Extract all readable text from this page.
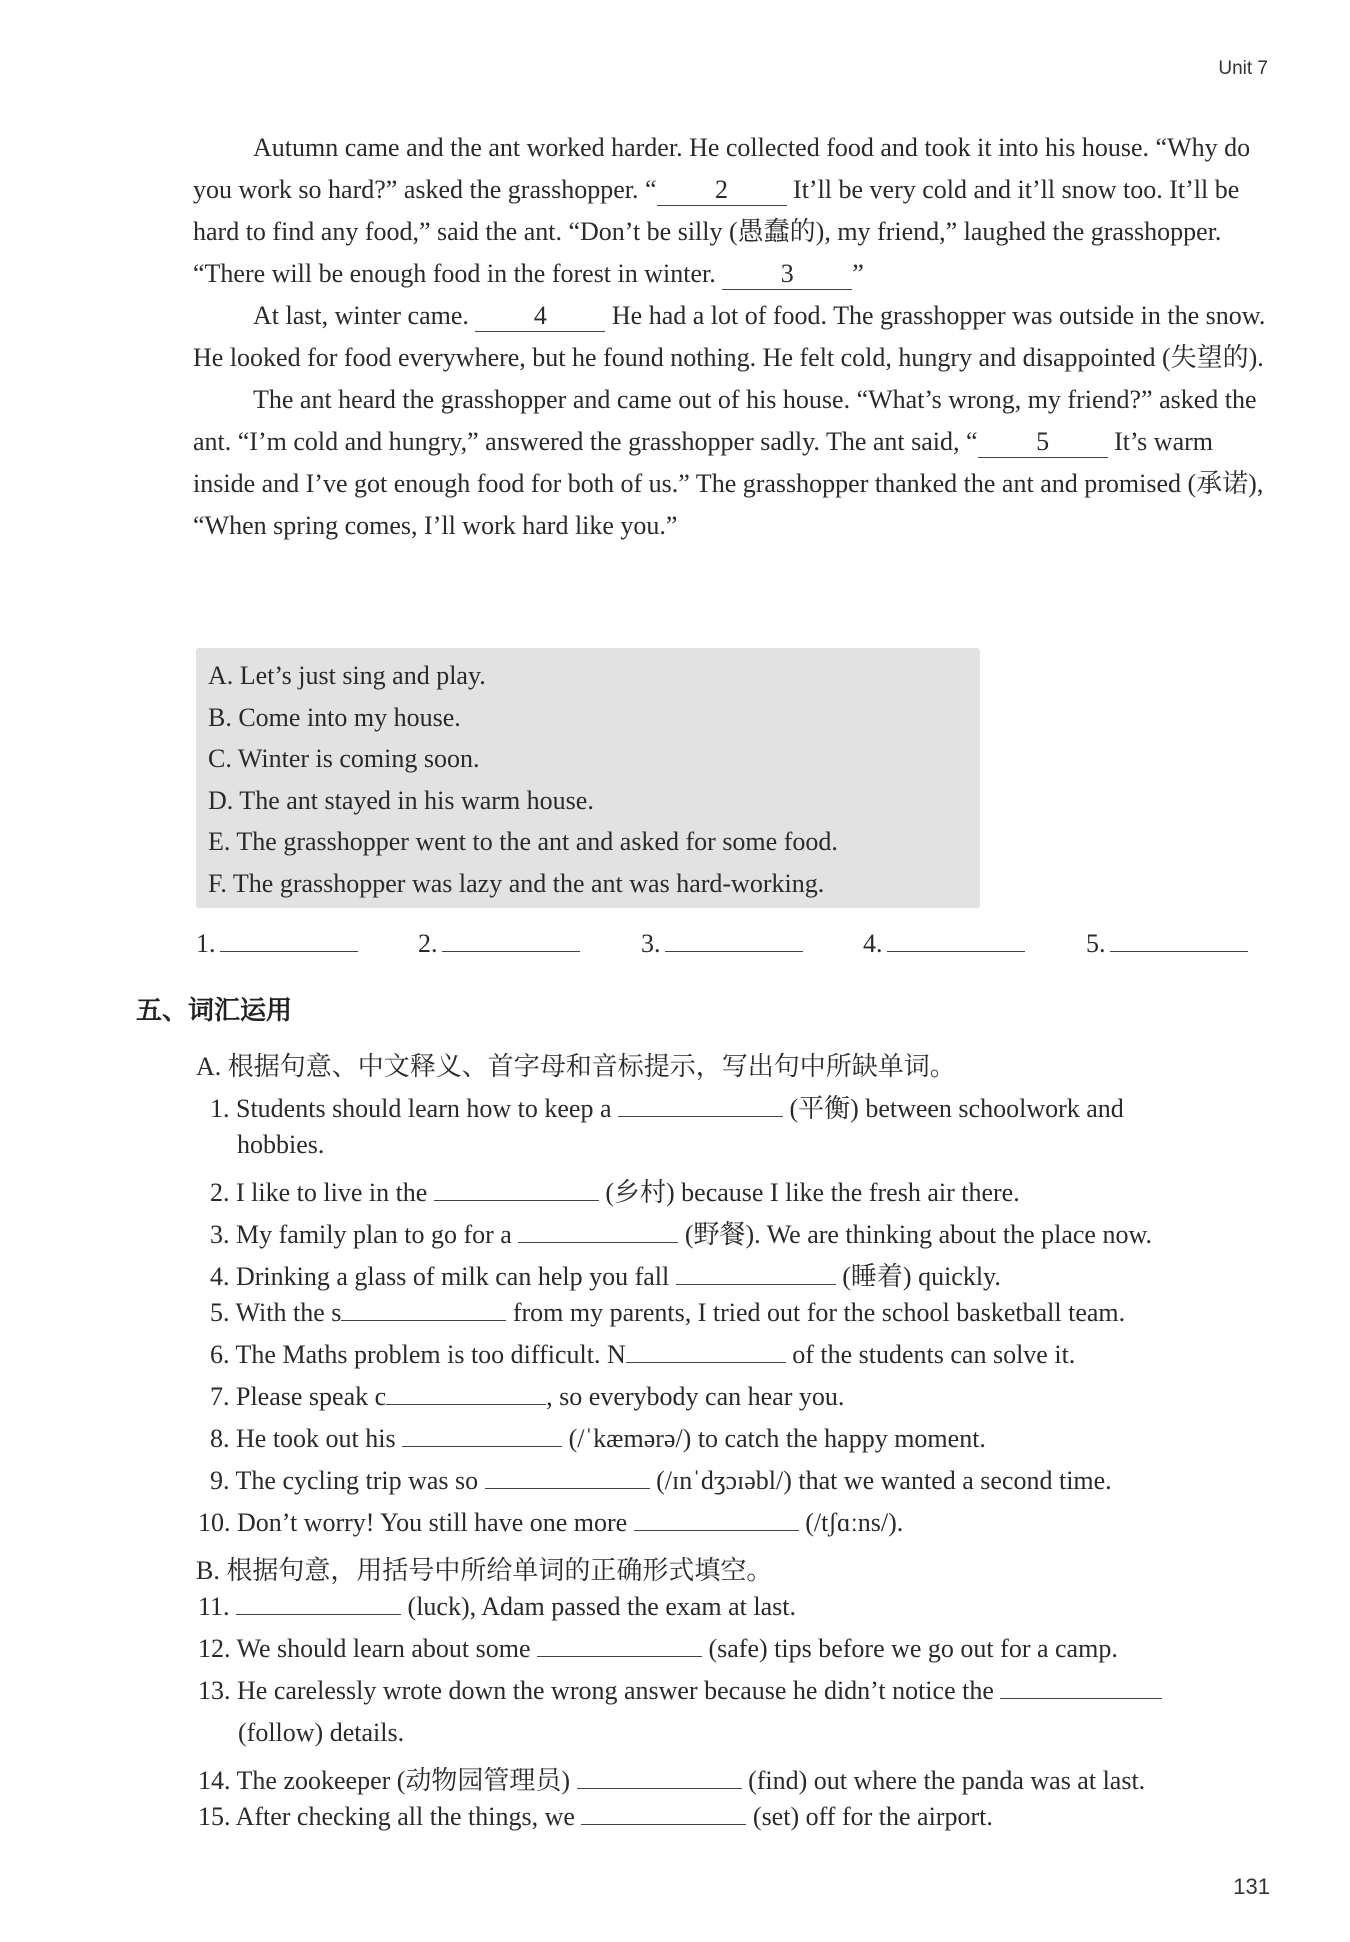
Unit 7

Autumn came and the ant worked harder. He collected food and took it into his house. “Why do you work so hard?” asked the grasshopper. “ 2 It’ll be very cold and it’ll snow too. It’ll be hard to find any food,” said the ant. “Don’t be silly (愚蠢的), my friend,” laughed the grasshopper. “There will be enough food in the forest in winter. 3 ”

At last, winter came. 4 He had a lot of food. The grasshopper was outside in the snow. He looked for food everywhere, but he found nothing. He felt cold, hungry and disappointed (失望的).

The ant heard the grasshopper and came out of his house. “What’s wrong, my friend?” asked the ant. “I’m cold and hungry,” answered the grasshopper sadly. The ant said, “ 5 It’s warm inside and I’ve got enough food for both of us.” The grasshopper thanked the ant and promised (承诺), “When spring comes, I’ll work hard like you.”

A. Let’s just sing and play.
B. Come into my house.
C. Winter is coming soon.
D. The ant stayed in his warm house.
E. The grasshopper went to the ant and asked for some food.
F. The grasshopper was lazy and the ant was hard-working.
1.	2.	3.	4.	5.
五、词汇运用
A. 根据句意、中文释义、首字母和音标提示，写出句中所缺单词。
1. Students should learn how to keep a	(平衡) between schoolwork and
hobbies.
2. I like to live in the	(乡村) because I like the fresh air there.
3. My family plan to go for a	(野餐). We are thinking about the place now.
4. Drinking a glass of milk can help you fall	(睡着) quickly.
5. With the s	from my parents, I tried out for the school basketball team.
6. The Maths problem is too difficult. N	of the students can solve it.
7. Please speak c	, so everybody can hear you.
8. He took out his	(/ˈkæmərə/) to catch the happy moment.
9. The cycling trip was so	(/ɪnˈdʒɔɪəbl/) that we wanted a second time.
10. Don’t worry! You still have one more	(/tʃɑːns/).
B. 根据句意，用括号中所给单词的正确形式填空。
11.	(luck), Adam passed the exam at last.
12. We should learn about some	(safe) tips before we go out for a camp.
13. He carelessly wrote down the wrong answer because he didn’t notice the
(follow) details.
14. The zookeeper (动物园管理员)	(find) out where the panda was at last.
15. After checking all the things, we	(set) off for the airport.
131
